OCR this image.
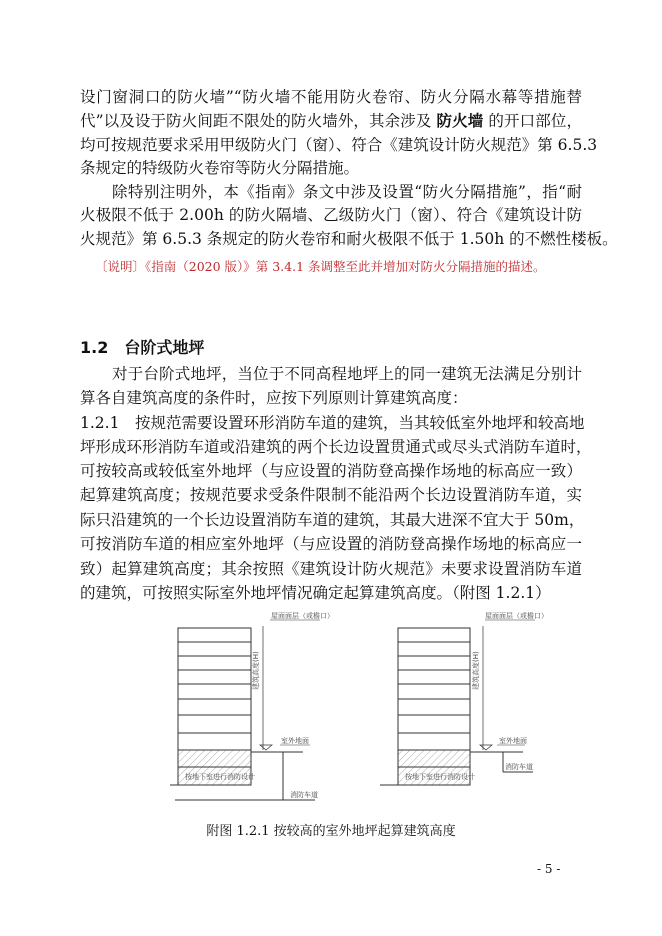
设门窗洞口的防火墙”“防火墙不能用防火卷帘、防火分隔水幕等措施替
代”以及设于防火间距不限处的防火墙外，其余涉及 防火墙 的开口部位，
均可按规范要求采用甲级防火门（窗）、符合《建筑设计防火规范》第 6.5.3
条规定的特级防火卷帘等防火分隔措施。
除特别注明外，本《指南》条文中涉及设置“防火分隔措施”，指“耐
火极限不低于 2.00h 的防火隔墙、乙级防火门（窗）、符合《建筑设计防
火规范》第 6.5.3 条规定的防火卷帘和耐火极限不低于 1.50h 的不燃性楼板。
〔说明〕《指南（2020 版）》第 3.4.1 条调整至此并增加对防火分隔措施的描述。
1.2　台阶式地坪
对于台阶式地坪，当位于不同高程地坪上的同一建筑无法满足分别计
算各自建筑高度的条件时，应按下列原则计算建筑高度：
1.2.1　按规范需要设置环形消防车道的建筑，当其较低室外地坪和较高地
坪形成环形消防车道或沿建筑的两个长边设置贯通式或尽头式消防车道时，
可按较高或较低室外地坪（与应设置的消防登高操作场地的标高应一致）
起算建筑高度；按规范要求受条件限制不能沿两个长边设置消防车道，实
际只沿建筑的一个长边设置消防车道的建筑，其最大进深不宜大于 50m，
可按消防车道的相应室外地坪（与应设置的消防登高操作场地的标高应一
致）起算建筑高度；其余按照《建筑设计防火规范》未要求设置消防车道
的建筑，可按照实际室外地坪情况确定起算建筑高度。（附图 1.2.1）
屋面面层（或檐口）
建筑高度(H)
室外地面
按地下室进行消防设计
消防车道
屋面面层（或檐口）
建筑高度(H)
室外地面
按地下室进行消防设计
消防车道
附图 1.2.1 按较高的室外地坪起算建筑高度
- 5 -
